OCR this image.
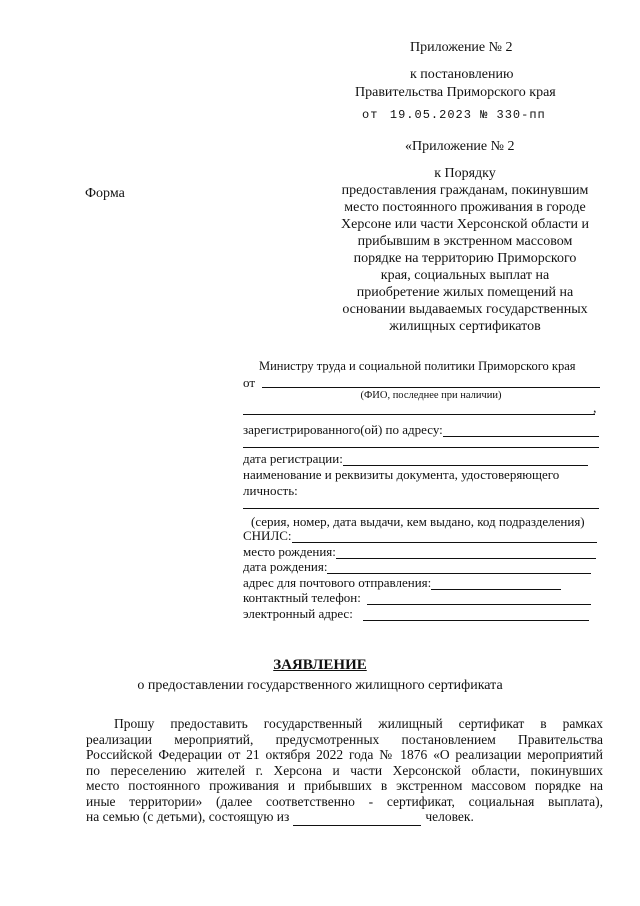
Приложение № 2
к постановлению
Правительства Приморского края
от 19.05.2023 № 330-пп
«Приложение № 2
к Порядку
предоставления гражданам, покинувшим
место постоянного проживания в городе
Херсоне или части Херсонской области и
прибывшим в экстренном массовом
порядке на территорию Приморского
края, социальных выплат на
приобретение жилых помещений на
основании выдаваемых государственных
жилищных сертификатов
Форма
Министру труда и социальной политики Приморского края
от
(ФИО, последнее при наличии)
,
зарегистрированного(ой) по адресу:
дата регистрации:
наименование и реквизиты документа, удостоверяющего
личность:
(серия, номер, дата выдачи, кем выдано, код подразделения)
СНИЛС:
место рождения:
дата рождения:
адрес для почтового отправления:
контактный телефон:
электронный адрес:
ЗАЯВЛЕНИЕ
о предоставлении государственного жилищного сертификата
Прошу предоставить государственный жилищный сертификат в рамках
реализации мероприятий, предусмотренных постановлением Правительства
Российской Федерации от 21 октября 2022 года № 1876 «О реализации мероприятий
по переселению жителей г. Херсона и части Херсонской области, покинувших
место постоянного проживания и прибывших в экстренном массовом порядке на
иные территории» (далее соответственно - сертификат, социальная выплата),
на семью (с детьми), состоящую из	человек.
